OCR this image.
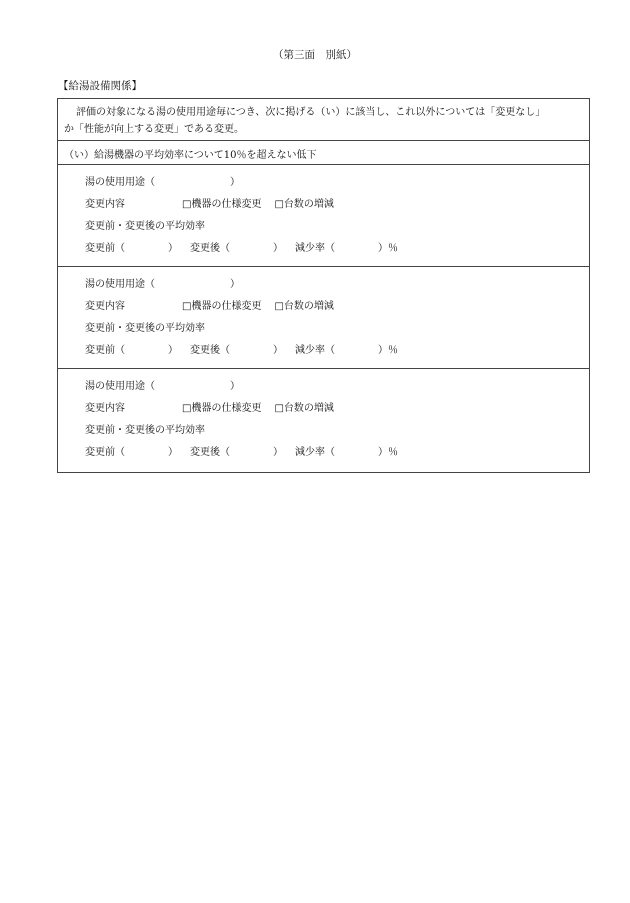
（第三面　別紙）
【給湯設備関係】
評価の対象になる湯の使用用途毎につき、次に掲げる（い）に該当し、これ以外については「変更なし」
か「性能が向上する変更」である変更。
（い）給湯機器の平均効率について10％を超えない低下
湯の使用用途（	）
変更内容	□機器の仕様変更 □台数の増減
変更前・変更後の平均効率
変更前（	） 変更後（	） 減少率（	）％
湯の使用用途（	）
変更内容	□機器の仕様変更 □台数の増減
変更前・変更後の平均効率
変更前（	） 変更後（	） 減少率（	）％
湯の使用用途（	）
変更内容	□機器の仕様変更 □台数の増減
変更前・変更後の平均効率
変更前（	） 変更後（	） 減少率（	）％
